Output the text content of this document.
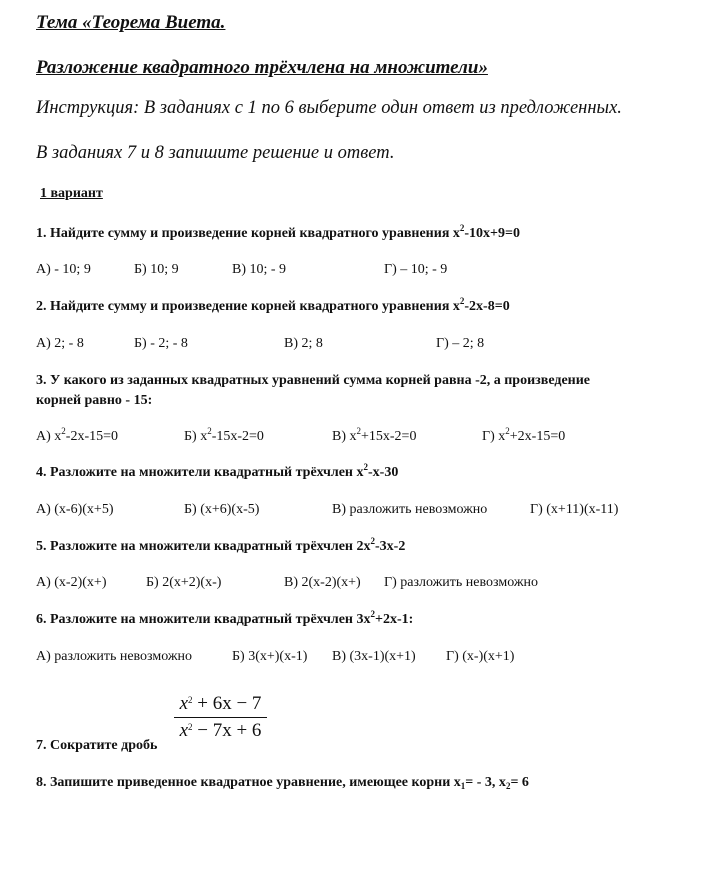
Тема «Теорема Виета.
Разложение квадратного трёхчлена на множители»
Инструкция: В заданиях с 1 по 6 выберите один ответ из предложенных.
В заданиях 7 и 8 запишите решение и ответ.
1 вариант
1. Найдите сумму и произведение корней квадратного уравнения $x^2-10x+9=0$
А) - 10; 9	Б) 10; 9	В) 10; - 9	Г) – 10; - 9
2. Найдите сумму и произведение корней квадратного уравнения $x^2-2x-8=0$
А) 2; - 8	Б) - 2; - 8	В) 2; 8	Г) – 2; 8
3. У какого из заданных квадратных уравнений сумма корней равна -2, а произведение
корней равно - 15:
А) $x^2-2x-15=0$	Б) $x^2-15x-2=0$	В) $x^2+15x-2=0$	Г) $x^2+2x-15=0$
4. Разложите на множители квадратный трёхчлен $x^2-x-30$
А) (x-6)(x+5)	Б) (x+6)(x-5)	В) разложить невозможно	Г) (x+11)(x-11)
5. Разложите на множители квадратный трёхчлен $2x^2-3x-2$
А) (x-2)(x+)	Б) 2(x+2)(x-)	В) 2(x-2)(x+) Г) разложить невозможно
6. Разложите на множители квадратный трёхчлен $3x^2+2x-1$:
А) разложить невозможно	Б) 3(x+)(x-1) В) (3x-1)(x+1) Г) (x-)(x+1)
$x^2 + 6x - 7$
$x^2 - 7x + 6$
7. Сократите дробь
8. Запишите приведенное квадратное уравнение, имеющее корни $x_1= - 3$, $x_2= 6$
